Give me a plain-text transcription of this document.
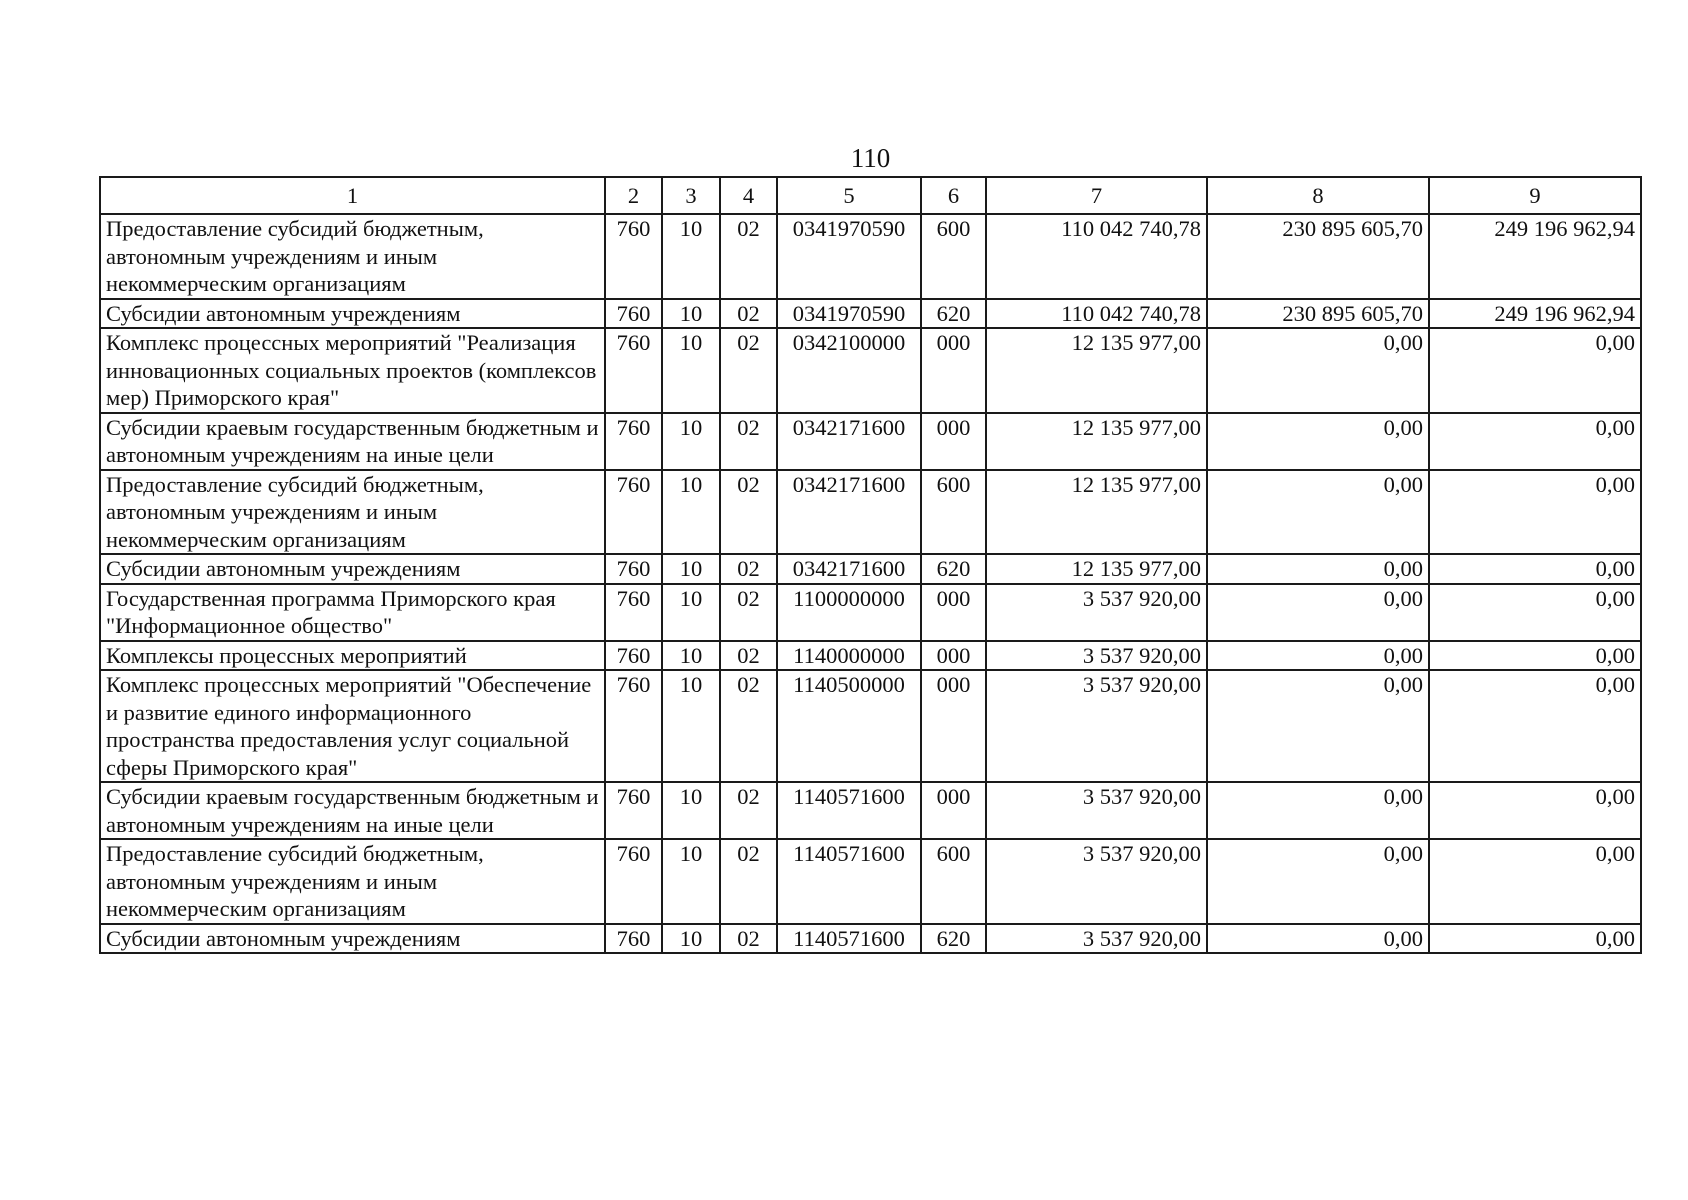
110
1	2	3	4	5	6	7	8	9
Предоставление субсидий бюджетным, автономным учреждениям и иным некоммерческим организациям	760	10	02	0341970590	600	110 042 740,78	230 895 605,70	249 196 962,94
Субсидии автономным учреждениям	760	10	02	0341970590	620	110 042 740,78	230 895 605,70	249 196 962,94
Комплекс процессных мероприятий "Реализация инновационных социальных проектов (комплексов мер) Приморского края"	760	10	02	0342100000	000	12 135 977,00	0,00	0,00
Субсидии краевым государственным бюджетным и автономным учреждениям на иные цели	760	10	02	0342171600	000	12 135 977,00	0,00	0,00
Предоставление субсидий бюджетным, автономным учреждениям и иным некоммерческим организациям	760	10	02	0342171600	600	12 135 977,00	0,00	0,00
Субсидии автономным учреждениям	760	10	02	0342171600	620	12 135 977,00	0,00	0,00
Государственная программа Приморского края "Информационное общество"	760	10	02	1100000000	000	3 537 920,00	0,00	0,00
Комплексы процессных мероприятий	760	10	02	1140000000	000	3 537 920,00	0,00	0,00
Комплекс процессных мероприятий "Обеспечение и развитие единого информационного пространства предоставления услуг социальной сферы Приморского края"	760	10	02	1140500000	000	3 537 920,00	0,00	0,00
Субсидии краевым государственным бюджетным и автономным учреждениям на иные цели	760	10	02	1140571600	000	3 537 920,00	0,00	0,00
Предоставление субсидий бюджетным, автономным учреждениям и иным некоммерческим организациям	760	10	02	1140571600	600	3 537 920,00	0,00	0,00
Субсидии автономным учреждениям	760	10	02	1140571600	620	3 537 920,00	0,00	0,00
